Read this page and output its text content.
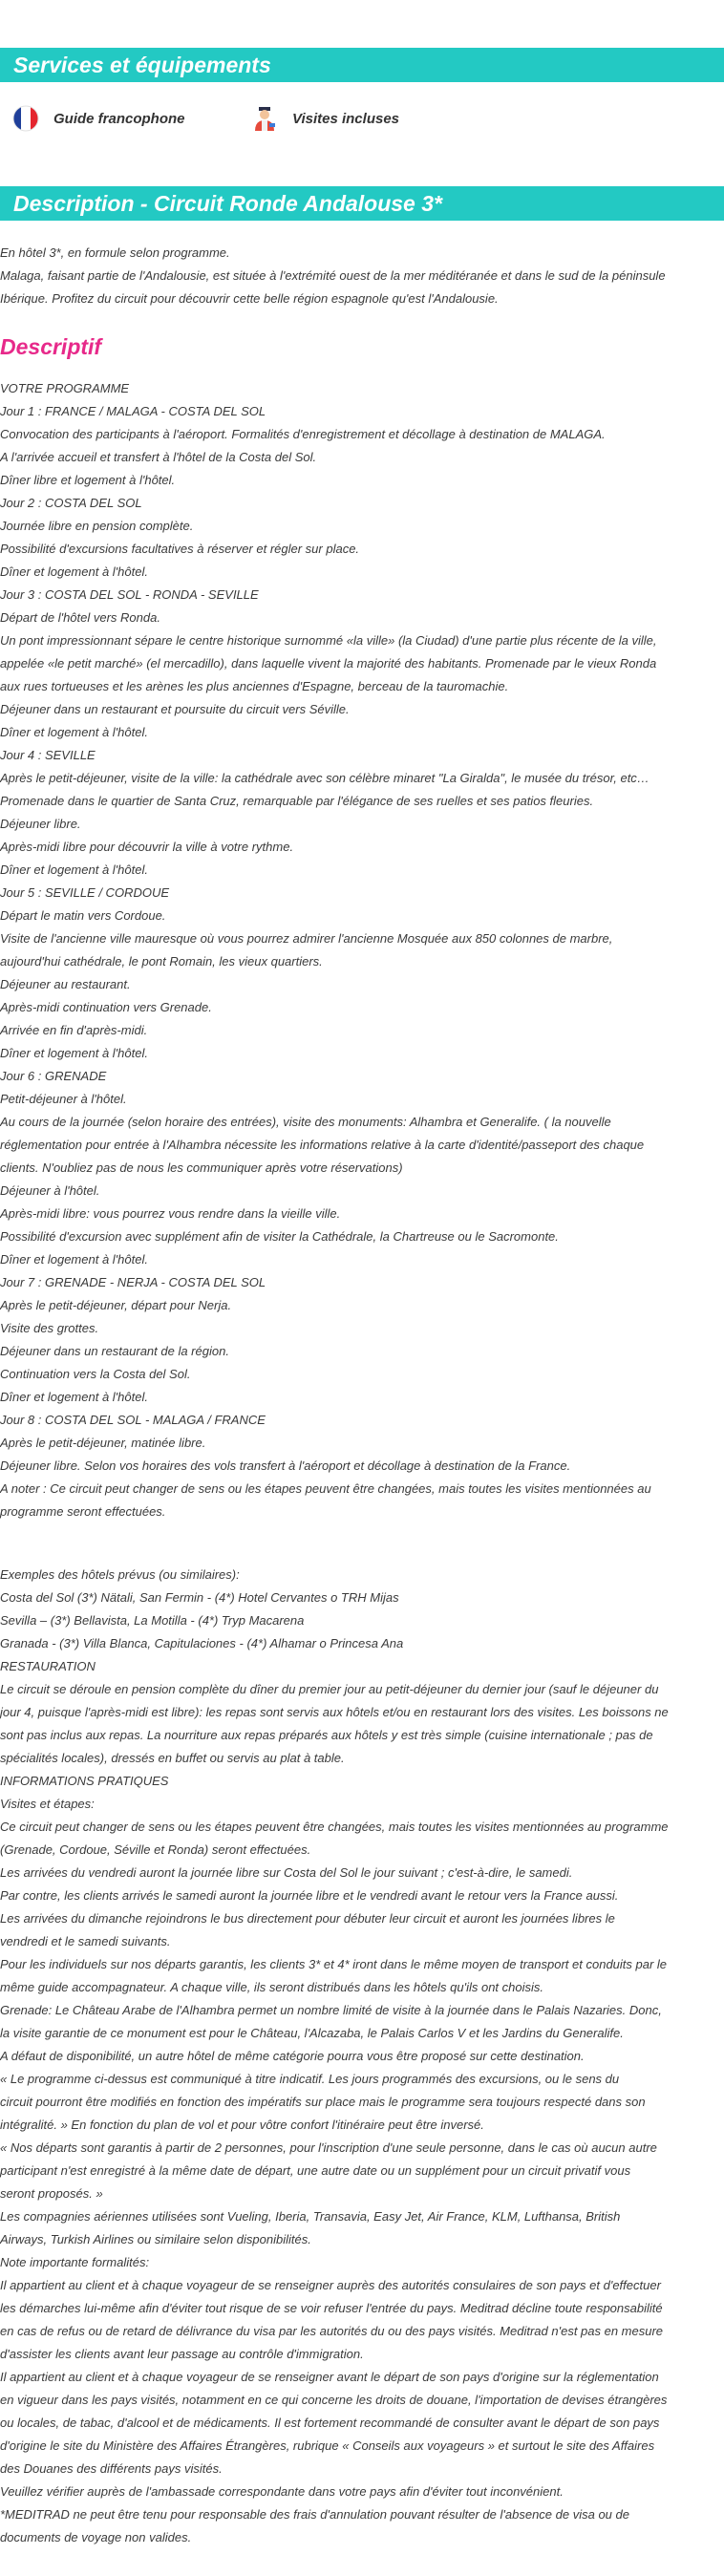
Services et équipements
Guide francophone	Visites incluses
Description - Circuit Ronde Andalouse 3*
En hôtel 3*, en formule selon programme.
Malaga, faisant partie de l'Andalousie, est située à l'extrémité ouest de la mer méditéranée et dans le sud de la péninsule
Ibérique. Profitez du circuit pour découvrir cette belle région espagnole qu'est l'Andalousie.
Descriptif
VOTRE PROGRAMME
Jour 1 : FRANCE / MALAGA - COSTA DEL SOL
Convocation des participants à l'aéroport. Formalités d'enregistrement et décollage à destination de MALAGA.
A l'arrivée accueil et transfert à l'hôtel de la Costa del Sol.
Dîner libre et logement à l'hôtel.
Jour 2 : COSTA DEL SOL
Journée libre en pension complète.
Possibilité d'excursions facultatives à réserver et régler sur place.
Dîner et logement à l'hôtel.
Jour 3 : COSTA DEL SOL - RONDA - SEVILLE
Départ de l'hôtel vers Ronda.
Un pont impressionnant sépare le centre historique surnommé «la ville» (la Ciudad) d'une partie plus récente de la ville,
appelée «le petit marché» (el mercadillo), dans laquelle vivent la majorité des habitants. Promenade par le vieux Ronda
aux rues tortueuses et les arènes les plus anciennes d'Espagne, berceau de la tauromachie.
Déjeuner dans un restaurant et poursuite du circuit vers Séville.
Dîner et logement à l'hôtel.
Jour 4 : SEVILLE
Après le petit-déjeuner, visite de la ville: la cathédrale avec son célèbre minaret "La Giralda", le musée du trésor, etc…
Promenade dans le quartier de Santa Cruz, remarquable par l'élégance de ses ruelles et ses patios fleuries.
Déjeuner libre.
Après-midi libre pour découvrir la ville à votre rythme.
Dîner et logement à l'hôtel.
Jour 5 : SEVILLE / CORDOUE
Départ le matin vers Cordoue.
Visite de l'ancienne ville mauresque où vous pourrez admirer l'ancienne Mosquée aux 850 colonnes de marbre,
aujourd'hui cathédrale, le pont Romain, les vieux quartiers.
Déjeuner au restaurant.
Après-midi continuation vers Grenade.
Arrivée en fin d'après-midi.
Dîner et logement à l'hôtel.
Jour 6 : GRENADE
Petit-déjeuner à l'hôtel.
Au cours de la journée (selon horaire des entrées), visite des monuments: Alhambra et Generalife. ( la nouvelle
réglementation pour entrée à l'Alhambra nécessite les informations relative à la carte d'identité/passeport des chaque
clients. N'oubliez pas de nous les communiquer après votre réservations)
Déjeuner à l'hôtel.
Après-midi libre: vous pourrez vous rendre dans la vieille ville.
Possibilité d'excursion avec supplément afin de visiter la Cathédrale, la Chartreuse ou le Sacromonte.
Dîner et logement à l'hôtel.
Jour 7 : GRENADE - NERJA - COSTA DEL SOL
Après le petit-déjeuner, départ pour Nerja.
Visite des grottes.
Déjeuner dans un restaurant de la région.
Continuation vers la Costa del Sol.
Dîner et logement à l'hôtel.
Jour 8 : COSTA DEL SOL - MALAGA / FRANCE
Après le petit-déjeuner, matinée libre.
Déjeuner libre. Selon vos horaires des vols transfert à l'aéroport et décollage à destination de la France.
A noter : Ce circuit peut changer de sens ou les étapes peuvent être changées, mais toutes les visites mentionnées au
programme seront effectuées.
Exemples des hôtels prévus (ou similaires):
Costa del Sol (3*) Nätali, San Fermin - (4*) Hotel Cervantes o TRH Mijas
Sevilla – (3*) Bellavista, La Motilla - (4*) Tryp Macarena
Granada - (3*) Villa Blanca, Capitulaciones - (4*) Alhamar o Princesa Ana
RESTAURATION
Le circuit se déroule en pension complète du dîner du premier jour au petit-déjeuner du dernier jour (sauf le déjeuner du
jour 4, puisque l'après-midi est libre): les repas sont servis aux hôtels et/ou en restaurant lors des visites. Les boissons ne
sont pas inclus aux repas. La nourriture aux repas préparés aux hôtels y est très simple (cuisine internationale ; pas de
spécialités locales), dressés en buffet ou servis au plat à table.
INFORMATIONS PRATIQUES
Visites et étapes:
Ce circuit peut changer de sens ou les étapes peuvent être changées, mais toutes les visites mentionnées au programme
(Grenade, Cordoue, Séville et Ronda) seront effectuées.
Les arrivées du vendredi auront la journée libre sur Costa del Sol le jour suivant ; c'est-à-dire, le samedi.
Par contre, les clients arrivés le samedi auront la journée libre et le vendredi avant le retour vers la France aussi.
Les arrivées du dimanche rejoindrons le bus directement pour débuter leur circuit et auront les journées libres le
vendredi et le samedi suivants.
Pour les individuels sur nos départs garantis, les clients 3* et 4* iront dans le même moyen de transport et conduits par le
même guide accompagnateur. A chaque ville, ils seront distribués dans les hôtels qu'ils ont choisis.
Grenade: Le Château Arabe de l'Alhambra permet un nombre limité de visite à la journée dans le Palais Nazaries. Donc,
la visite garantie de ce monument est pour le Château, l'Alcazaba, le Palais Carlos V et les Jardins du Generalife.
A défaut de disponibilité, un autre hôtel de même catégorie pourra vous être proposé sur cette destination.
« Le programme ci-dessus est communiqué à titre indicatif. Les jours programmés des excursions, ou le sens du
circuit pourront être modifiés en fonction des impératifs sur place mais le programme sera toujours respecté dans son
intégralité. » En fonction du plan de vol et pour vôtre confort l'itinéraire peut être inversé.
« Nos départs sont garantis à partir de 2 personnes, pour l'inscription d'une seule personne, dans le cas où aucun autre
participant n'est enregistré à la même date de départ, une autre date ou un supplément pour un circuit privatif vous
seront proposés. »
Les compagnies aériennes utilisées sont Vueling, Iberia, Transavia, Easy Jet, Air France, KLM, Lufthansa, British
Airways, Turkish Airlines ou similaire selon disponibilités.
Note importante formalités:
Il appartient au client et à chaque voyageur de se renseigner auprès des autorités consulaires de son pays et d'effectuer
les démarches lui-même afin d'éviter tout risque de se voir refuser l'entrée du pays. Meditrad décline toute responsabilité
en cas de refus ou de retard de délivrance du visa par les autorités du ou des pays visités. Meditrad n'est pas en mesure
d'assister les clients avant leur passage au contrôle d'immigration.
Il appartient au client et à chaque voyageur de se renseigner avant le départ de son pays d'origine sur la réglementation
en vigueur dans les pays visités, notamment en ce qui concerne les droits de douane, l'importation de devises étrangères
ou locales, de tabac, d'alcool et de médicaments. Il est fortement recommandé de consulter avant le départ de son pays
d'origine le site du Ministère des Affaires Étrangères, rubrique « Conseils aux voyageurs » et surtout le site des Affaires
des Douanes des différents pays visités.
Veuillez vérifier auprès de l'ambassade correspondante dans votre pays afin d'éviter tout inconvénient.
*MEDITRAD ne peut être tenu pour responsable des frais d'annulation pouvant résulter de l'absence de visa ou de
documents de voyage non valides.
